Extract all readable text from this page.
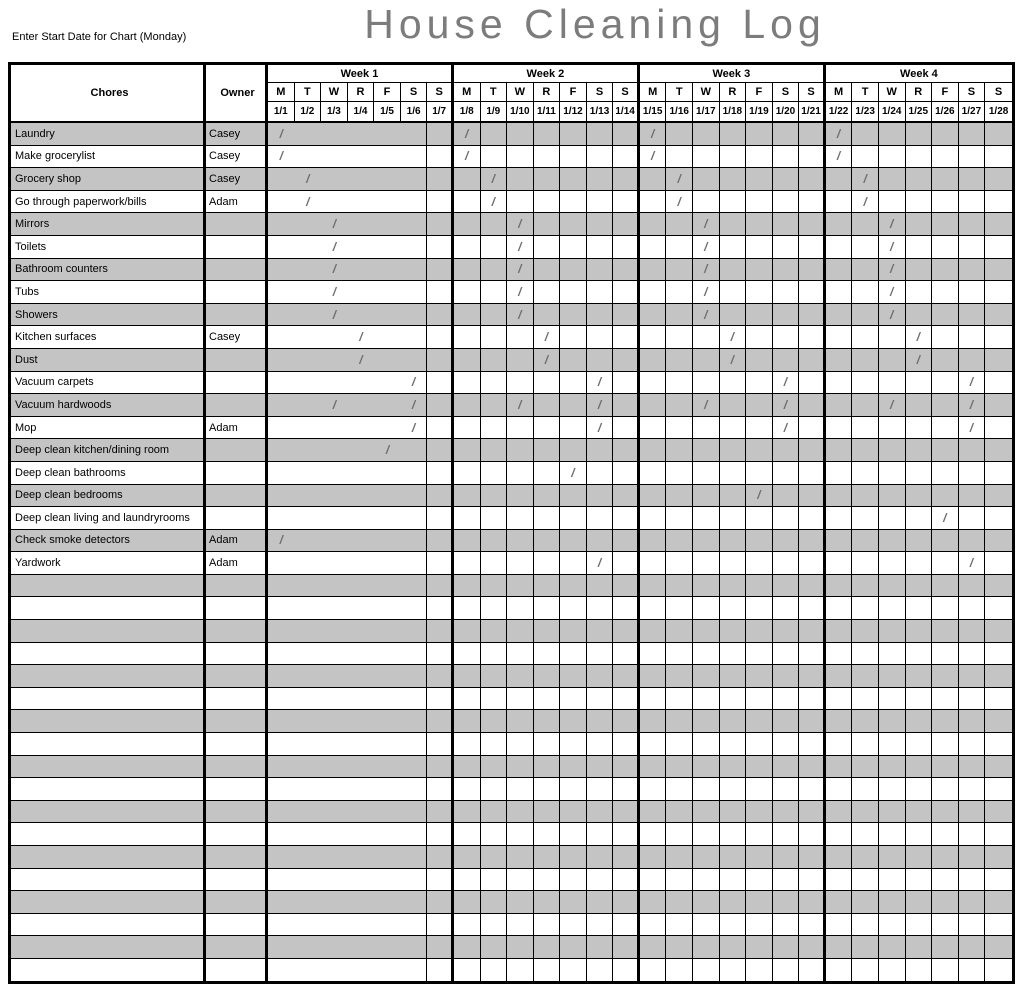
Enter Start Date for Chart (Monday)	House Cleaning Log
Chores	Owner	Week 1							Week 2							Week 3							Week 4						
		M	T	W	R	F	S	S	M	T	W	R	F	S	S	M	T	W	R	F	S	S	M	T	W	R	F	S	S
		1/1	1/2	1/3	1/4	1/5	1/6	1/7	1/8	1/9	1/10	1/11	1/12	1/13	1/14	1/15	1/16	1/17	1/18	1/19	1/20	1/21	1/22	1/23	1/24	1/25	1/26	1/27	1/28
Laundry	Casey	/							/							/							/						
Make grocerylist	Casey	/							/							/							/						
Grocery shop	Casey		/							/							/							/					
Go through paperwork/bills	Adam		/							/							/							/					
Mirrors				/							/							/							/				
Toilets				/							/							/							/				
Bathroom counters				/							/							/							/				
Tubs				/							/							/							/				
Showers				/							/							/							/				
Kitchen surfaces	Casey				/							/							/							/			
Dust					/							/							/							/			
Vacuum carpets							/							/							/							/	
Vacuum hardwoods				/			/				/			/				/			/				/			/	
Mop	Adam						/							/							/							/	
Deep clean kitchen/dining room						/																							
Deep clean bathrooms													/																
Deep clean bedrooms																				/									
Deep clean living and laundryrooms																											/		
Check smoke detectors	Adam	/																											
Yardwork	Adam													/														/	
